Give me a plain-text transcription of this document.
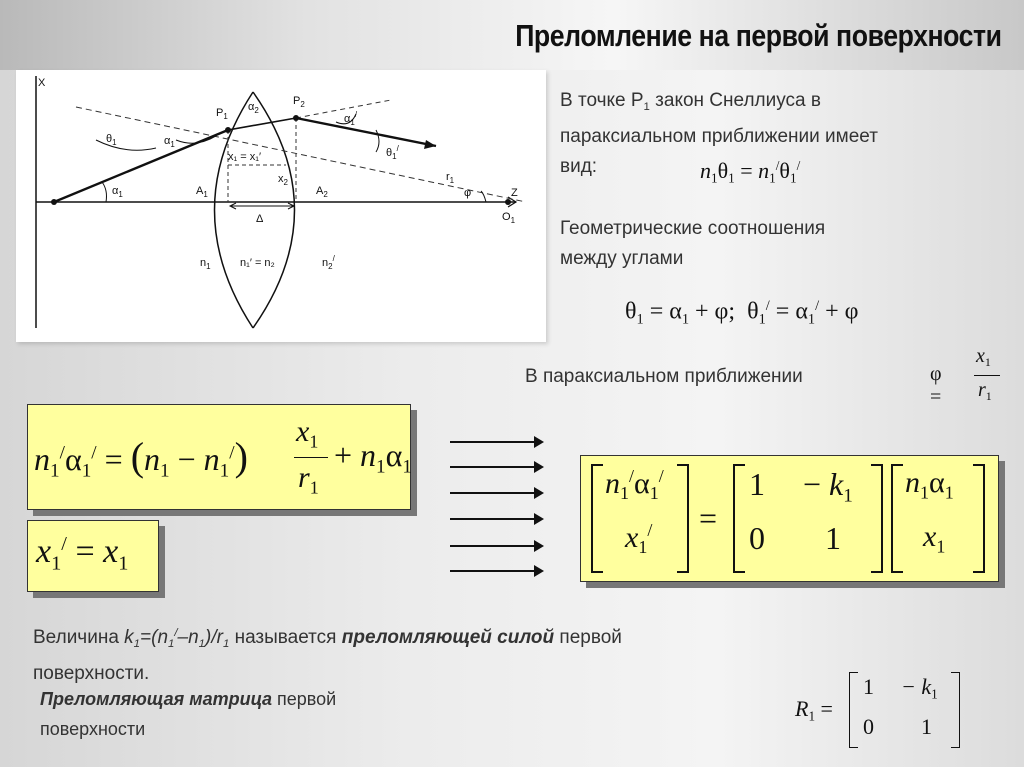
Преломление на первой поверхности
X
Z
$P_1$
$P_2$
$A_1$	$A_2$
$O_1$
$\theta_1$
$\alpha_1$
$\alpha_1$
$\alpha_2$
$\alpha_1^/$
$\theta_1^/$
φ
$r_1$
x₁ = x₁′
$x_2$
Δ
$n_1$	n₁′ = n₂	$n_2^/$
В точке $Р_1$ закон Снеллиуса в
параксиальном приближении имеет
вид:	$n_1\theta_1 = n_1^/\theta_1^/$
Геометрические соотношения
между углами
$\theta_1 = \alpha_1 + \varphi$;  $\theta_1^/ = \alpha_1^/ + \varphi$
В параксиальном приближении	φ =
$x_1$
$r_1$
$n_1^/\alpha_1^/ = (n_1 - n_1^/)$
$x_1$
$r_1$
+ $n_1\alpha_1$
$x_1^/ = x_1$
$n_1^/\alpha_1^/$
$x_1^/$ =
$1 - k_1$
0 1
$n_1\alpha_1$
$x_1$
Величина $k_1=(n_1^/-n_1)/r_1$ называется преломляющей силой первой
поверхности.
Преломляющая матрица первой
поверхности
$R_1$ =
$1 - k_1$
0 1
